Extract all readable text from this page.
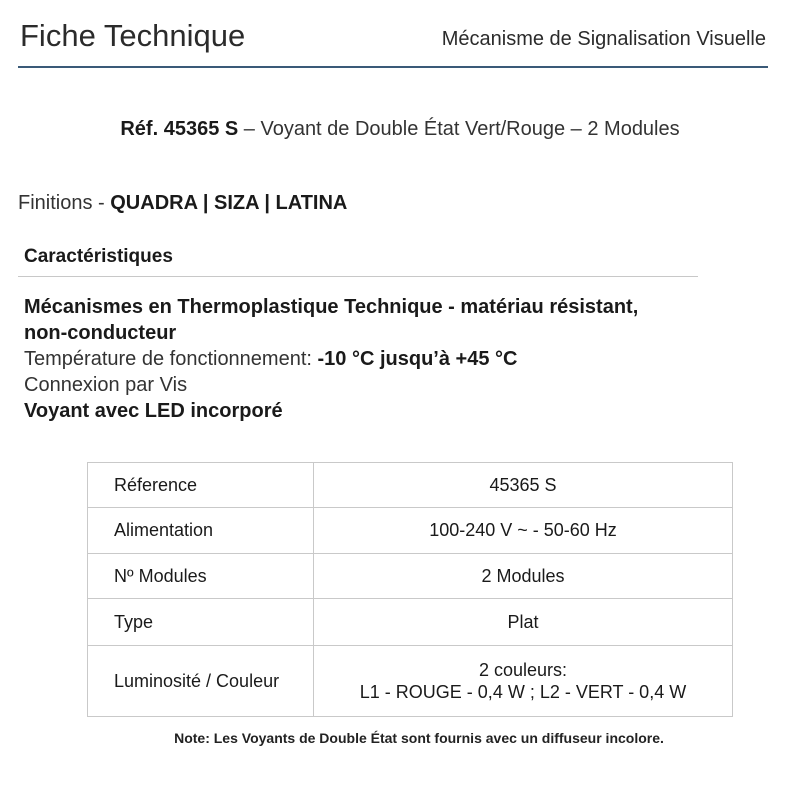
Fiche Technique	Mécanisme de Signalisation Visuelle
Réf. 45365 S – Voyant de Double État Vert/Rouge – 2 Modules
Finitions - QUADRA | SIZA | LATINA
Caractéristiques
Mécanismes en Thermoplastique Technique - matériau résistant,
non-conducteur
Température de fonctionnement: -10 °C jusqu’à +45 °C
Connexion par Vis
Voyant avec LED incorporé
Réference	45365 S
Alimentation	100-240 V ~ - 50-60 Hz
Nº Modules	2 Modules
Type	Plat
Luminosité / Couleur	2 couleurs:
L1 - ROUGE - 0,4 W ; L2 - VERT - 0,4 W
Note: Les Voyants de Double État sont fournis avec un diffuseur incolore.
